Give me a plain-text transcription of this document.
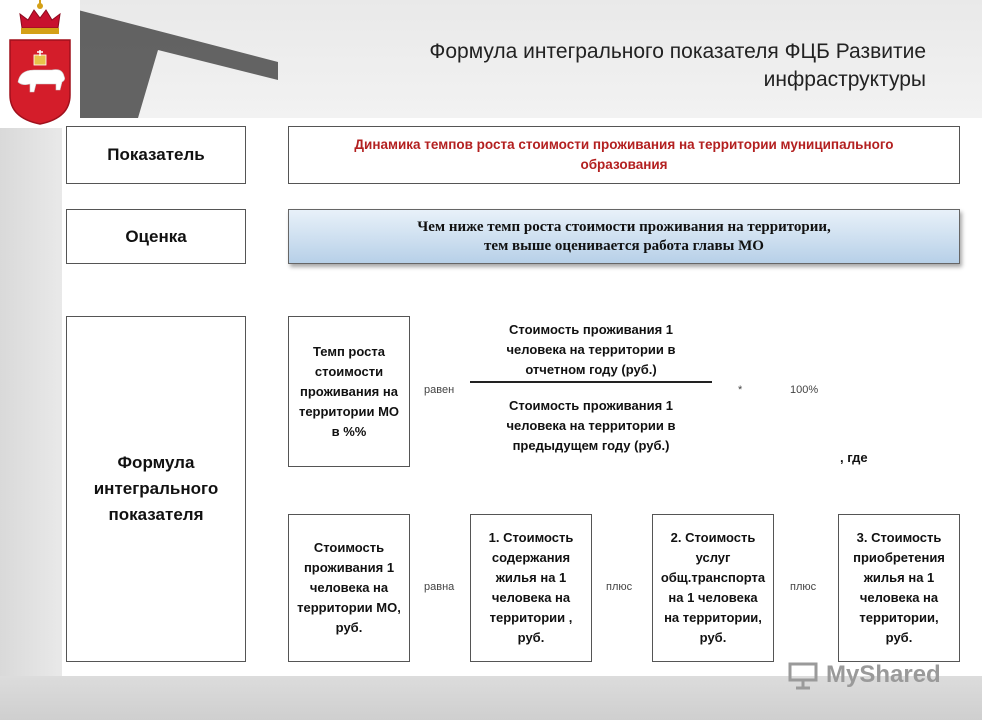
Формула интегрального показателя ФЦБ Развитие
инфраструктуры
Показатель
Динамика темпов роста стоимости проживания на территории муниципального
образования
Оценка	Чем ниже темп роста стоимости проживания на территории,
тем выше оценивается работа главы МО
Формула
интегрального
показателя
Темп роста
стоимости
проживания на
территории МО
в %%
равен
Стоимость проживания 1
человека на территории в
отчетном году (руб.)
Стоимость проживания 1
человека на территории в
предыдущем году (руб.)
*	100%
, где
Стоимость
проживания 1
человека на
территории МО,
руб.
равна
1. Стоимость
содержания
жилья на 1
человека на
территории ,
руб.
плюс
2. Стоимость
услуг
общ.транспорта
на 1 человека
на территории,
руб.
плюс
3. Стоимость
приобретения
жилья на 1
человека на
территории,
руб.
MyShared
